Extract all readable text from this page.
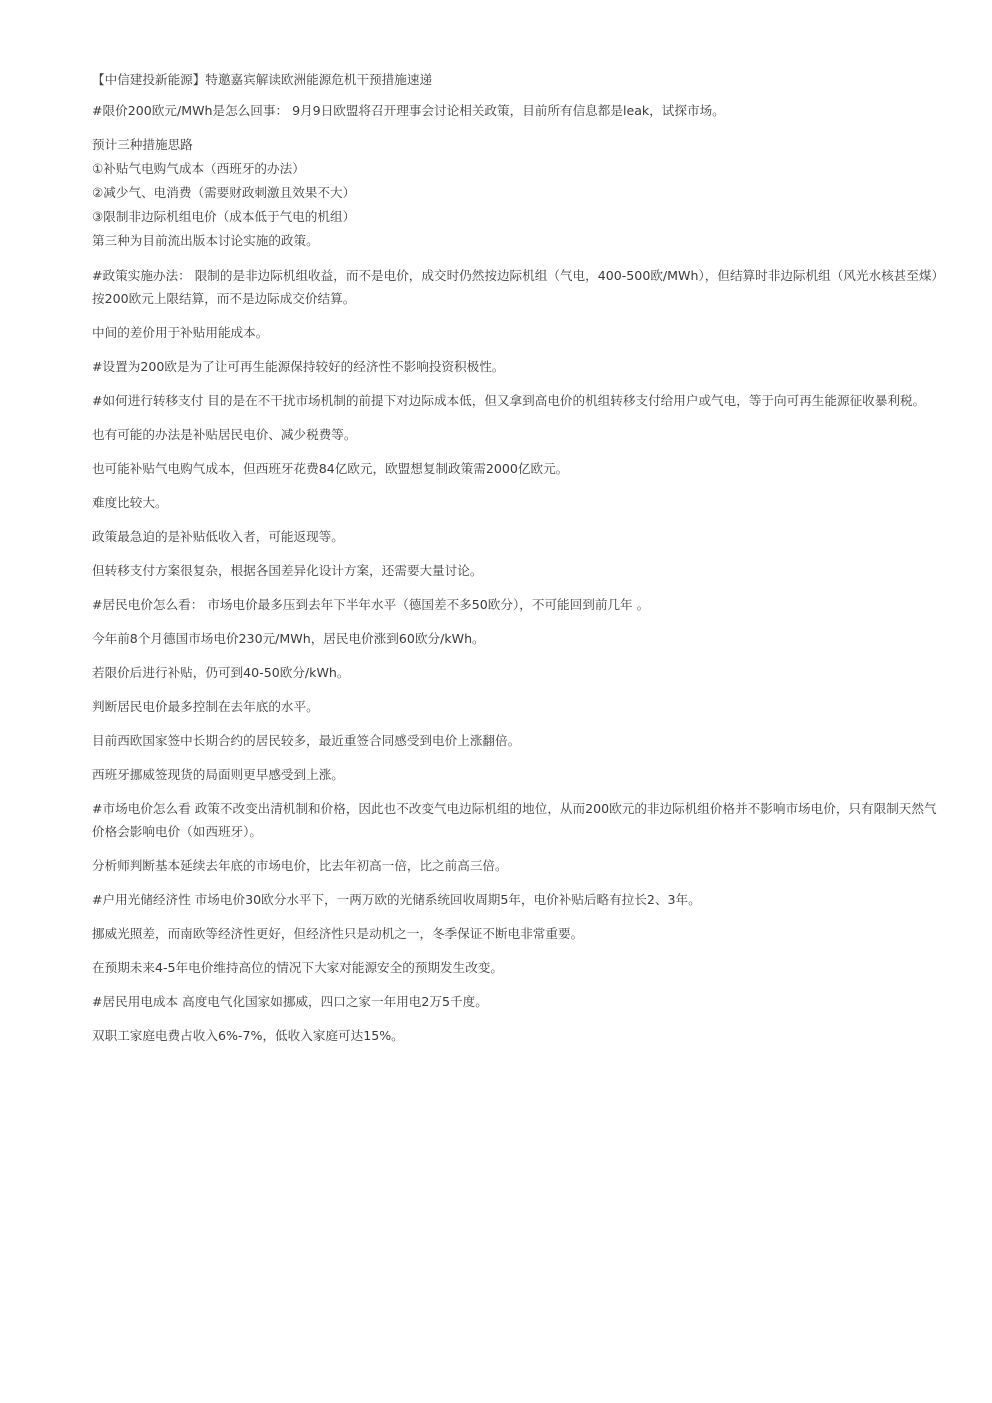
【中信建投新能源】特邀嘉宾解读欧洲能源危机干预措施速递

#限价200欧元/MWh是怎么回事： 9月9日欧盟将召开理事会讨论相关政策，目前所有信息都是leak，试探市场。

预计三种措施思路
①补贴气电购气成本（西班牙的办法）
②减少气、电消费（需要财政刺激且效果不大）
③限制非边际机组电价（成本低于气电的机组）
第三种为目前流出版本讨论实施的政策。

#政策实施办法： 限制的是非边际机组收益，而不是电价，成交时仍然按边际机组（气电，400-500欧/MWh），但结算时非边际机组（风光水核甚至煤）按200欧元上限结算，而不是边际成交价结算。

中间的差价用于补贴用能成本。

#设置为200欧是为了让可再生能源保持较好的经济性不影响投资积极性。

#如何进行转移支付 目的是在不干扰市场机制的前提下对边际成本低，但又拿到高电价的机组转移支付给用户或气电，等于向可再生能源征收暴利税。

也有可能的办法是补贴居民电价、减少税费等。

也可能补贴气电购气成本，但西班牙花费84亿欧元，欧盟想复制政策需2000亿欧元。

难度比较大。

政策最急迫的是补贴低收入者，可能返现等。

但转移支付方案很复杂，根据各国差异化设计方案，还需要大量讨论。

#居民电价怎么看： 市场电价最多压到去年下半年水平（德国差不多50欧分），不可能回到前几年 。

今年前8个月德国市场电价230元/MWh，居民电价涨到60欧分/kWh。

若限价后进行补贴，仍可到40-50欧分/kWh。

判断居民电价最多控制在去年底的水平。

目前西欧国家签中长期合约的居民较多，最近重签合同感受到电价上涨翻倍。

西班牙挪威签现货的局面则更早感受到上涨。

#市场电价怎么看 政策不改变出清机制和价格，因此也不改变气电边际机组的地位，从而200欧元的非边际机组价格并不影响市场电价，只有限制天然气价格会影响电价（如西班牙）。

分析师判断基本延续去年底的市场电价，比去年初高一倍，比之前高三倍。

#户用光储经济性 市场电价30欧分水平下，一两万欧的光储系统回收周期5年，电价补贴后略有拉长2、3年。

挪威光照差，而南欧等经济性更好，但经济性只是动机之一，冬季保证不断电非常重要。

在预期未来4-5年电价维持高位的情况下大家对能源安全的预期发生改变。

#居民用电成本 高度电气化国家如挪威，四口之家一年用电2万5千度。

双职工家庭电费占收入6%-7%，低收入家庭可达15%。
